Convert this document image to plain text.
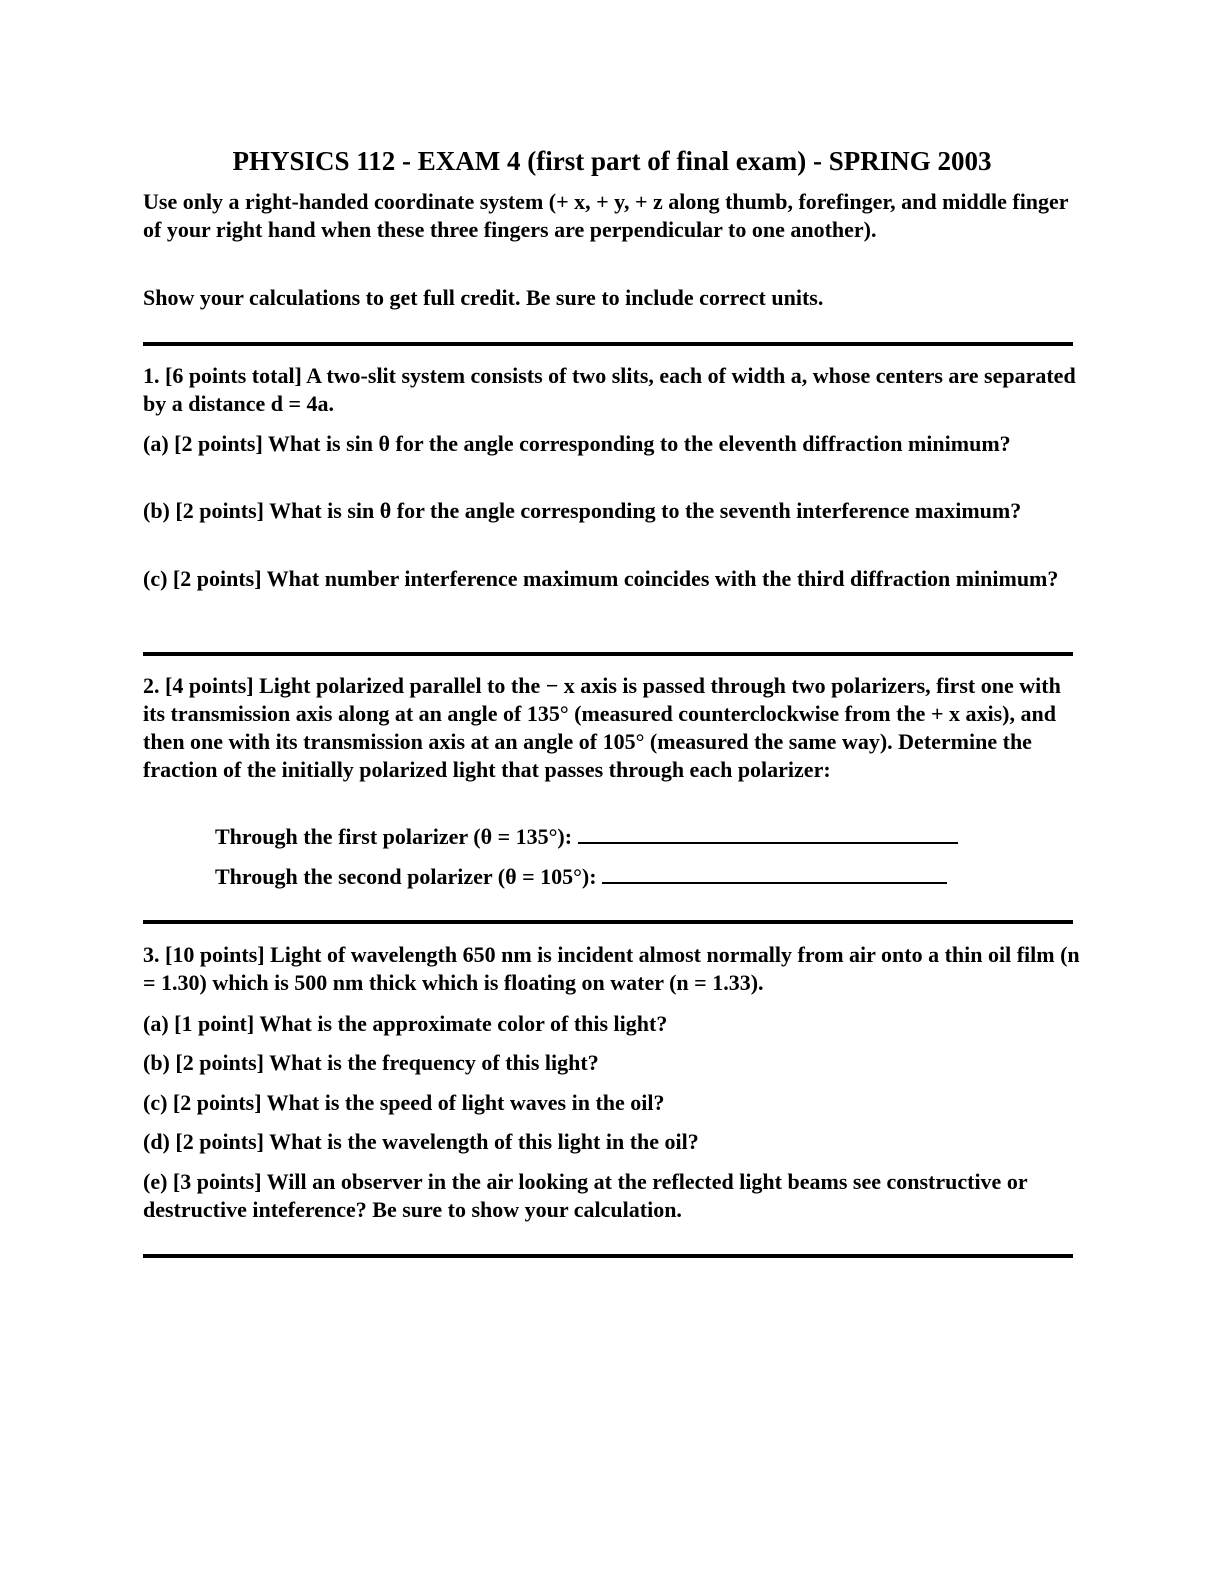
PHYSICS 112 - EXAM 4 (first part of final exam) - SPRING 2003

Use only a right-handed coordinate system (+ x, + y, + z along thumb, forefinger, and middle finger of your right hand when these three fingers are perpendicular to one another).

Show your calculations to get full credit. Be sure to include correct units.

1. [6 points total] A two-slit system consists of two slits, each of width a, whose centers are separated by a distance d = 4a.

(a) [2 points] What is sin θ for the angle corresponding to the eleventh diffraction minimum?

(b) [2 points] What is sin θ for the angle corresponding to the seventh interference maximum?

(c) [2 points] What number interference maximum coincides with the third diffraction minimum?

2. [4 points] Light polarized parallel to the − x axis is passed through two polarizers, first one with its transmission axis along at an angle of 135° (measured counterclockwise from the + x axis), and then one with its transmission axis at an angle of 105° (measured the same way). Determine the fraction of the initially polarized light that passes through each polarizer:

Through the first polarizer (θ = 135°):
Through the second polarizer (θ = 105°):

3. [10 points] Light of wavelength 650 nm is incident almost normally from air onto a thin oil film (n = 1.30) which is 500 nm thick which is floating on water (n = 1.33).

(a) [1 point] What is the approximate color of this light?

(b) [2 points] What is the frequency of this light?

(c) [2 points] What is the speed of light waves in the oil?

(d) [2 points] What is the wavelength of this light in the oil?

(e) [3 points] Will an observer in the air looking at the reflected light beams see constructive or destructive inteference? Be sure to show your calculation.
